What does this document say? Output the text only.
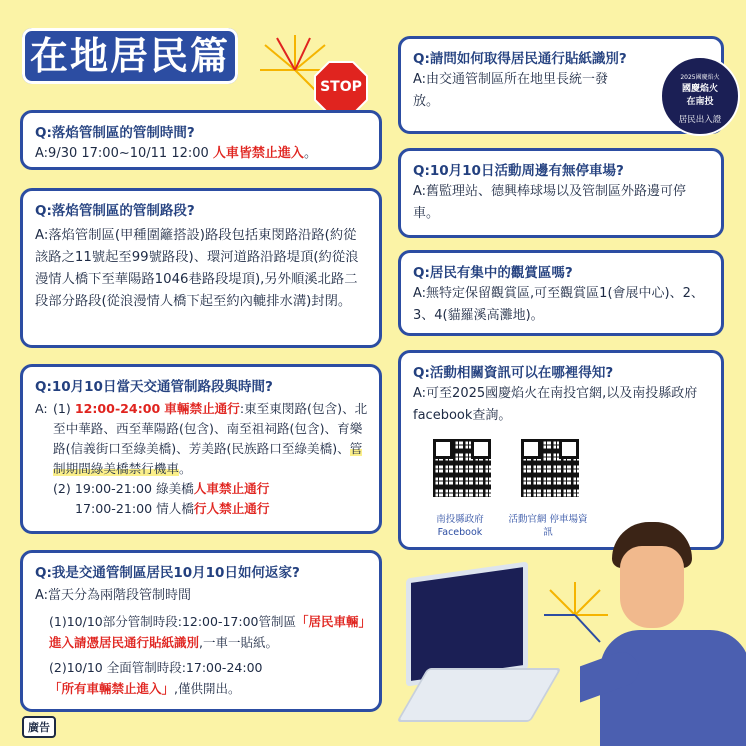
在地居民篇
STOP
Q:落焰管制區的管制時間?
A:9/30 17:00~10/11 12:00 人車皆禁止進入。
Q:落焰管制區的管制路段?
A:落焰管制區(甲種圍籬搭設)路段包括東閔路沿路(約從該路之11號起至99號路段)、環河道路沿路堤頂(約從浪漫情人橋下至華陽路1046巷路段堤頂),另外順溪北路二段部分路段(從浪漫情人橋下起至約內轆排水溝)封閉。
Q:10月10日當天交通管制路段與時間?
A: (1) 12:00-24:00 車輛禁止通行:東至東閔路(包含)、北至中華路、西至華陽路(包含)、南至祖祠路(包含)、育樂路(信義街口至綠美橋)、芳美路(民族路口至綠美橋)、管制期間綠美橋禁行機車。
(2) 19:00-21:00 綠美橋人車禁止通行
17:00-21:00 情人橋行人禁止通行
Q:我是交通管制區居民10月10日如何返家?
A:當天分為兩階段管制時間
(1)10/10部分管制時段:12:00-17:00管制區「居民車輛」進入請憑居民通行貼紙識別,一車一貼紙。
(2)10/10 全面管制時段:17:00-24:00
「所有車輛禁止進入」,僅供開出。
Q:請問如何取得居民通行貼紙識別?
A:由交通管制區所在地里長統一發放。
2025國慶焰火
國慶焰火
在南投
居民出入證
Q:10月10日活動周邊有無停車場?
A:舊監理站、德興棒球場以及管制區外路邊可停車。
Q:居民有集中的觀賞區嗎?
A:無特定保留觀賞區,可至觀賞區1(會展中心)、2、3、4(貓羅溪高灘地)。
Q:活動相關資訊可以在哪裡得知?
A:可至2025國慶焰火在南投官網,以及南投縣政府facebook查詢。
南投縣政府 Facebook
活動官網 停車場資訊
廣告
